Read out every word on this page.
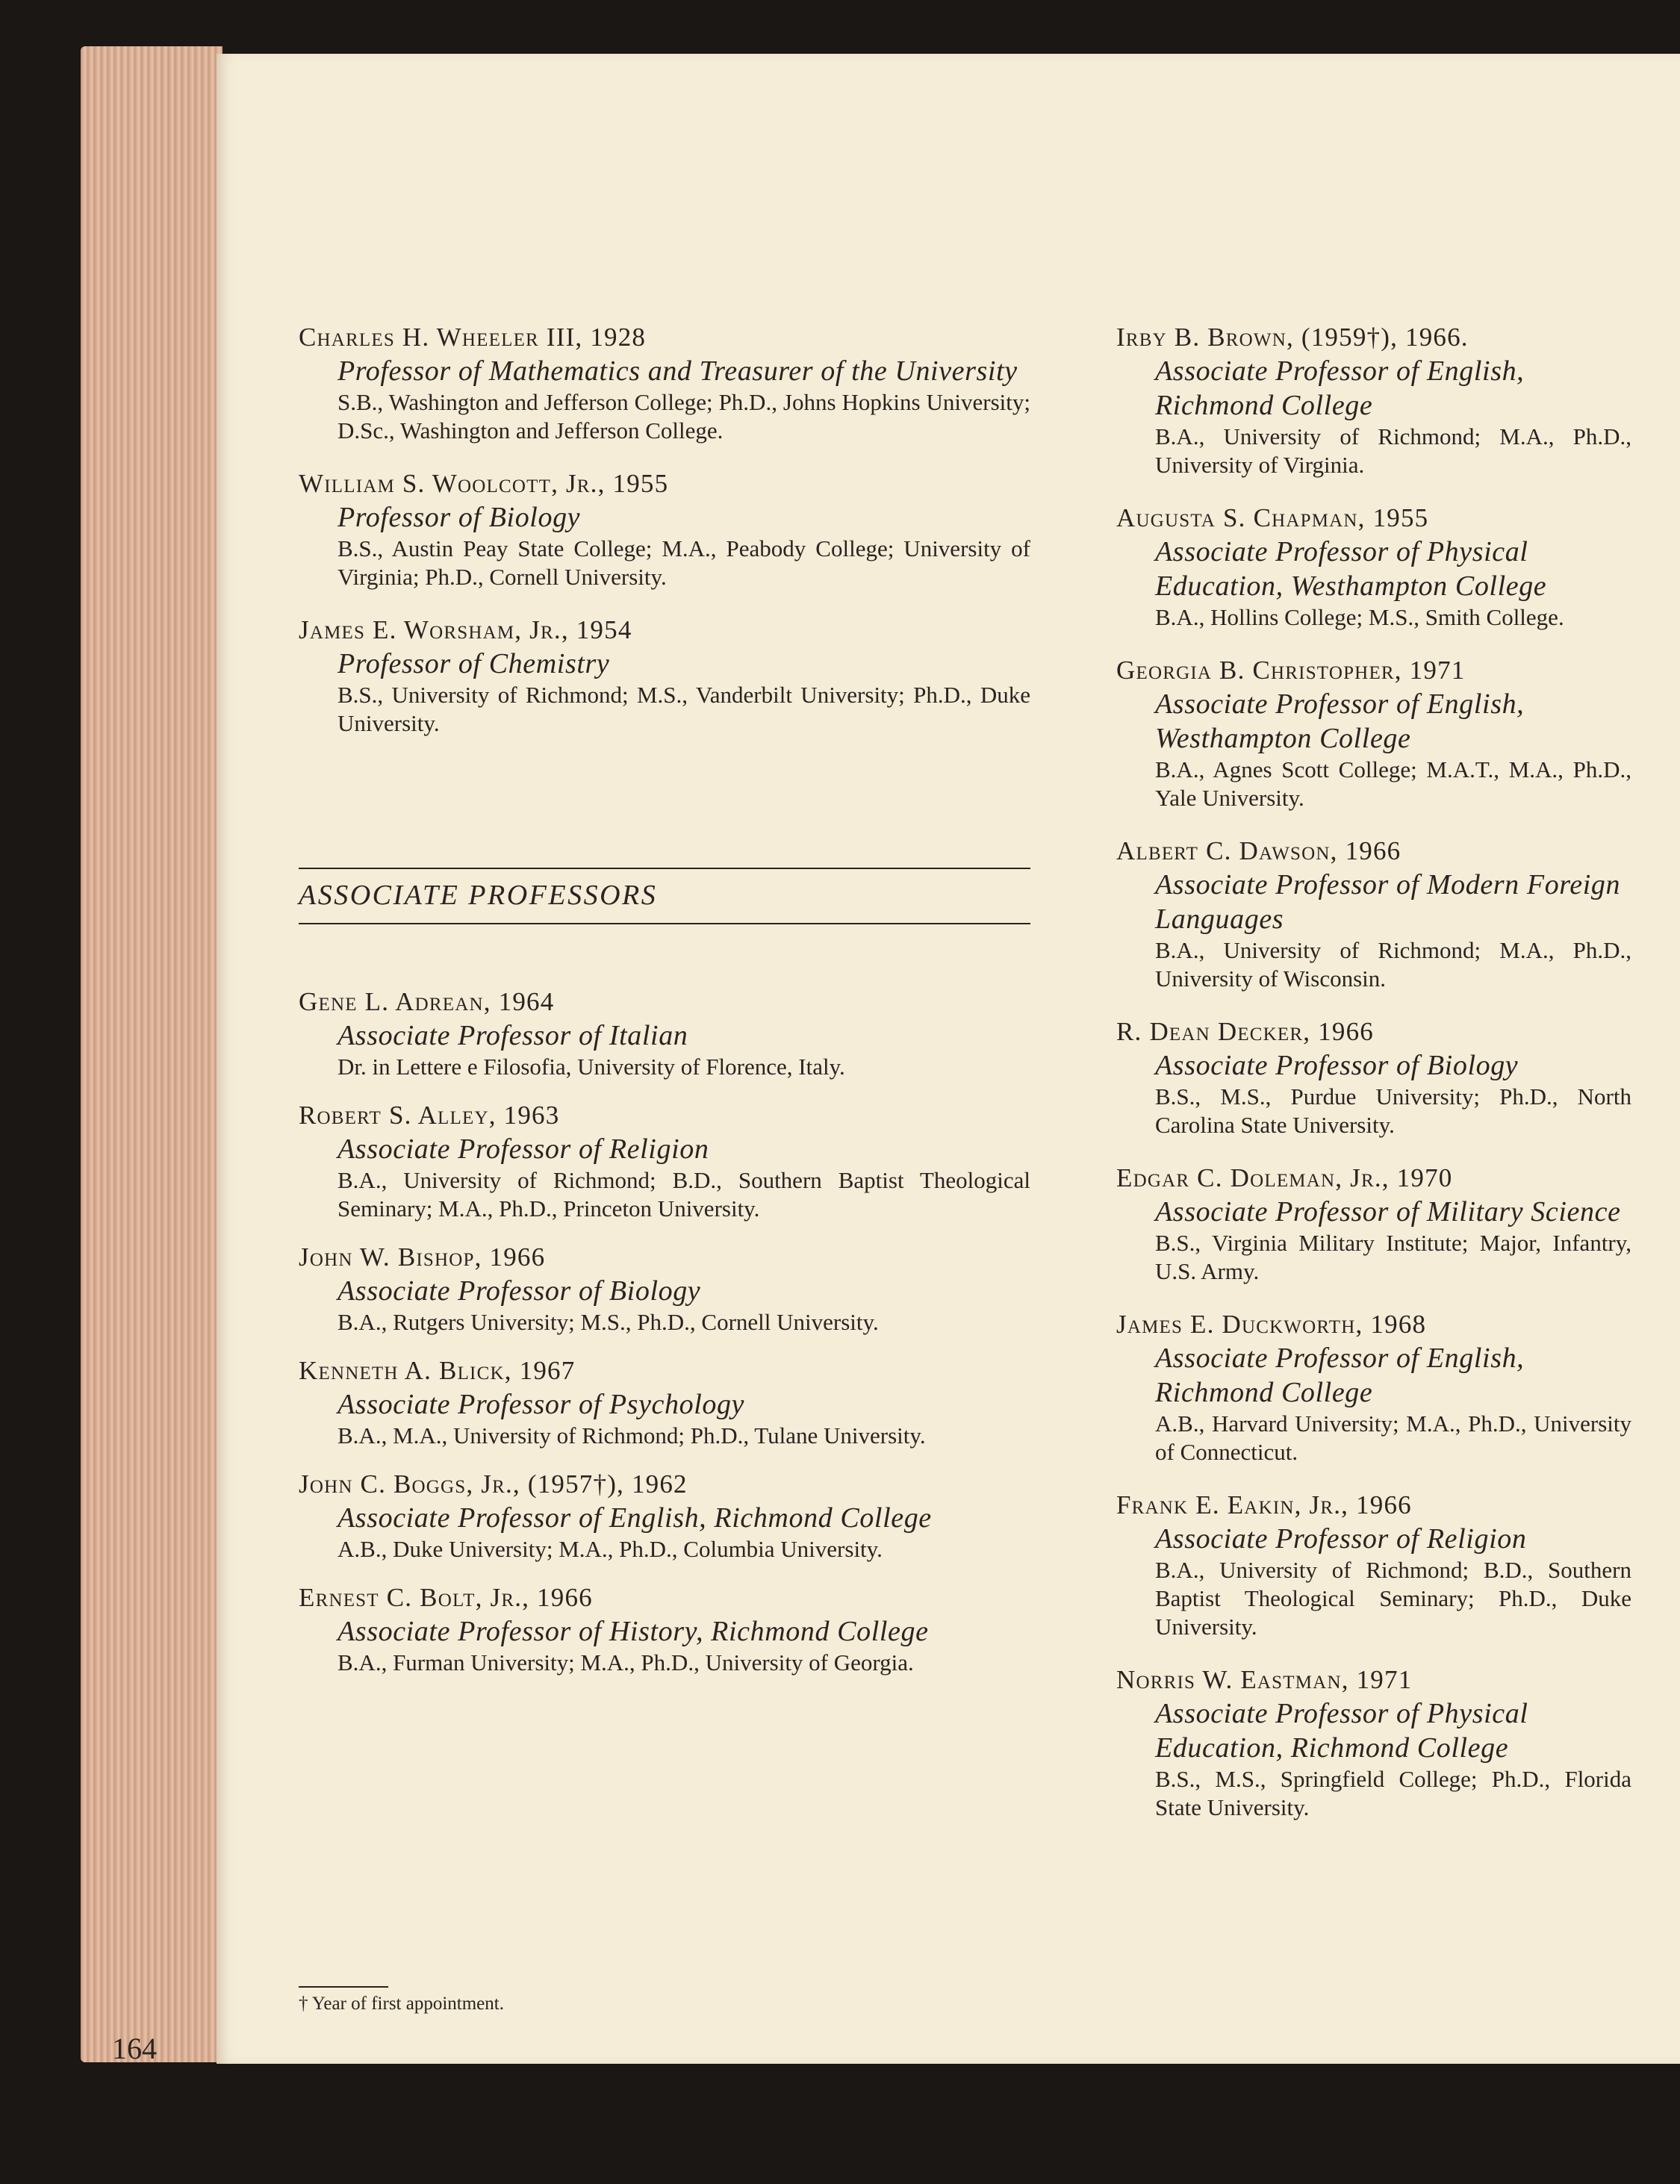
Charles H. Wheeler III, 1928
Professor of Mathematics and Treasurer of the University
S.B., Washington and Jefferson College; Ph.D., Johns Hopkins University; D.Sc., Washington and Jefferson College.
William S. Woolcott, Jr., 1955
Professor of Biology
B.S., Austin Peay State College; M.A., Peabody College; University of Virginia; Ph.D., Cornell University.
James E. Worsham, Jr., 1954
Professor of Chemistry
B.S., University of Richmond; M.S., Vanderbilt University; Ph.D., Duke University.
ASSOCIATE PROFESSORS
Gene L. Adrean, 1964
Associate Professor of Italian
Dr. in Lettere e Filosofia, University of Florence, Italy.
Robert S. Alley, 1963
Associate Professor of Religion
B.A., University of Richmond; B.D., Southern Baptist Theological Seminary; M.A., Ph.D., Princeton University.
John W. Bishop, 1966
Associate Professor of Biology
B.A., Rutgers University; M.S., Ph.D., Cornell University.
Kenneth A. Blick, 1967
Associate Professor of Psychology
B.A., M.A., University of Richmond; Ph.D., Tulane University.
John C. Boggs, Jr., (1957†), 1962
Associate Professor of English, Richmond College
A.B., Duke University; M.A., Ph.D., Columbia University.
Ernest C. Bolt, Jr., 1966
Associate Professor of History, Richmond College
B.A., Furman University; M.A., Ph.D., University of Georgia.
Irby B. Brown, (1959†), 1966.
Associate Professor of English, Richmond College
B.A., University of Richmond; M.A., Ph.D., University of Virginia.
Augusta S. Chapman, 1955
Associate Professor of Physical Education, Westhampton College
B.A., Hollins College; M.S., Smith College.
Georgia B. Christopher, 1971
Associate Professor of English, Westhampton College
B.A., Agnes Scott College; M.A.T., M.A., Ph.D., Yale University.
Albert C. Dawson, 1966
Associate Professor of Modern Foreign Languages
B.A., University of Richmond; M.A., Ph.D., University of Wisconsin.
R. Dean Decker, 1966
Associate Professor of Biology
B.S., M.S., Purdue University; Ph.D., North Carolina State University.
Edgar C. Doleman, Jr., 1970
Associate Professor of Military Science
B.S., Virginia Military Institute; Major, Infantry, U.S. Army.
James E. Duckworth, 1968
Associate Professor of English, Richmond College
A.B., Harvard University; M.A., Ph.D., University of Connecticut.
Frank E. Eakin, Jr., 1966
Associate Professor of Religion
B.A., University of Richmond; B.D., Southern Baptist Theological Seminary; Ph.D., Duke University.
Norris W. Eastman, 1971
Associate Professor of Physical Education, Richmond College
B.S., M.S., Springfield College; Ph.D., Florida State University.
† Year of first appointment.
164
